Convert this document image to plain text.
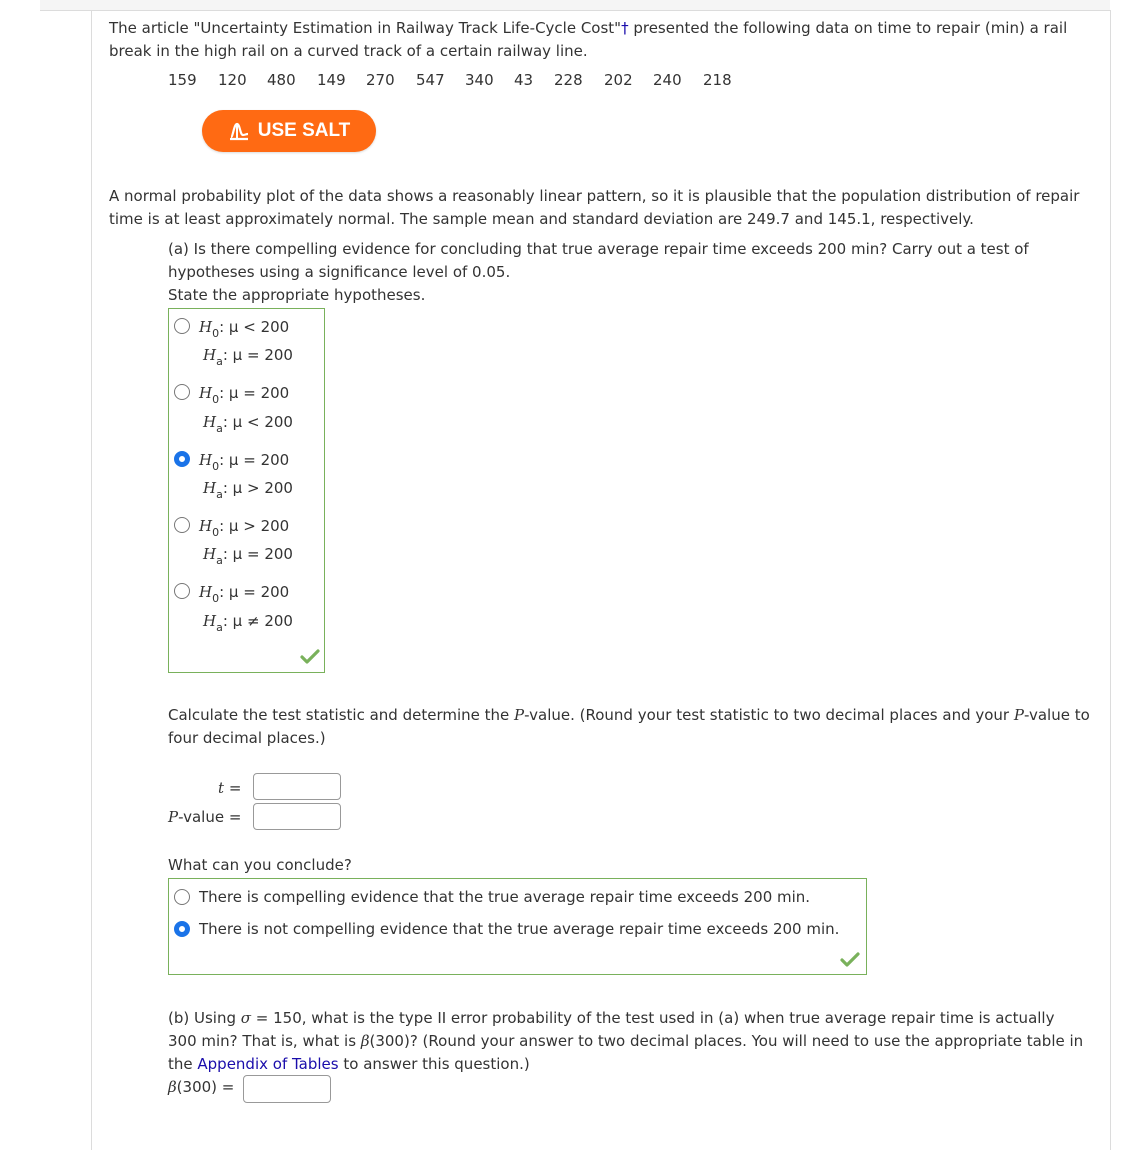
The article "Uncertainty Estimation in Railway Track Life-Cycle Cost"† presented the following data on time to repair (min) a rail
break in the high rail on a curved track of a certain railway line.
159 120 480 149 270 547 340 43 228 202 240 218
USE SALT
A normal probability plot of the data shows a reasonably linear pattern, so it is plausible that the population distribution of repair
time is at least approximately normal. The sample mean and standard deviation are 249.7 and 145.1, respectively.
(a) Is there compelling evidence for concluding that true average repair time exceeds 200 min? Carry out a test of
hypotheses using a significance level of 0.05.
State the appropriate hypotheses.
$H_0$: μ < 200
$H_a$: μ = 200
$H_0$: μ = 200
$H_a$: μ < 200
$H_0$: μ = 200
$H_a$: μ > 200
$H_0$: μ > 200
$H_a$: μ = 200
$H_0$: μ = 200
$H_a$: μ ≠ 200
Calculate the test statistic and determine the P-value. (Round your test statistic to two decimal places and your P-value to
four decimal places.)
t =
P-value =
What can you conclude?
There is compelling evidence that the true average repair time exceeds 200 min.
There is not compelling evidence that the true average repair time exceeds 200 min.
(b) Using σ = 150, what is the type II error probability of the test used in (a) when true average repair time is actually
300 min? That is, what is β(300)? (Round your answer to two decimal places. You will need to use the appropriate table in
the Appendix of Tables to answer this question.)
β(300) =
